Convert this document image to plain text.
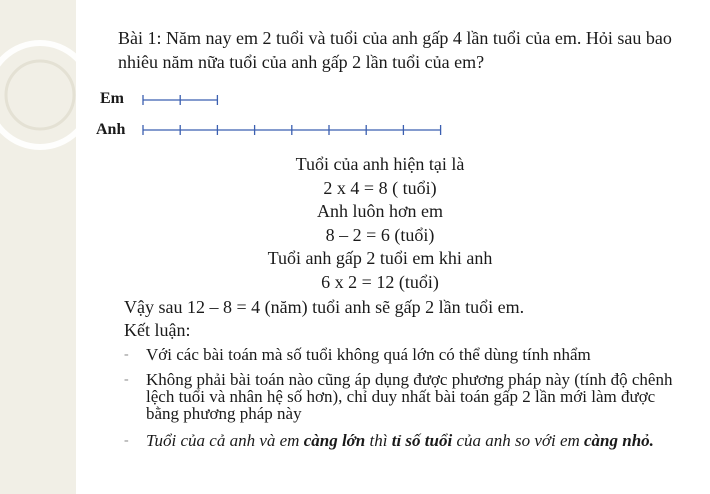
Bài 1: Năm nay em 2 tuổi và tuổi của anh gấp 4 lần tuổi của em. Hỏi sau bao nhiêu năm nữa tuổi của anh gấp 2 lần tuổi của em?
Em
Anh
Tuổi của anh hiện tại là
2 x 4 = 8 ( tuổi)
Anh luôn hơn em
8 – 2 = 6 (tuổi)
Tuổi anh gấp 2 tuổi em khi anh
6 x 2 = 12 (tuổi)
Vậy sau 12 – 8 = 4 (năm) tuổi anh sẽ gấp 2 lần tuổi em.
Kết luận:
- Với các bài toán mà số tuổi không quá lớn có thể dùng tính nhẩm
- Không phải bài toán nào cũng áp dụng được phương pháp này (tính độ chênh lệch tuổi và nhân hệ số hơn), chỉ duy nhất bài toán gấp 2 lần mới làm được bằng phương pháp này
- Tuổi của cả anh và em càng lớn thì tỉ số tuổi của anh so với em càng nhỏ.
